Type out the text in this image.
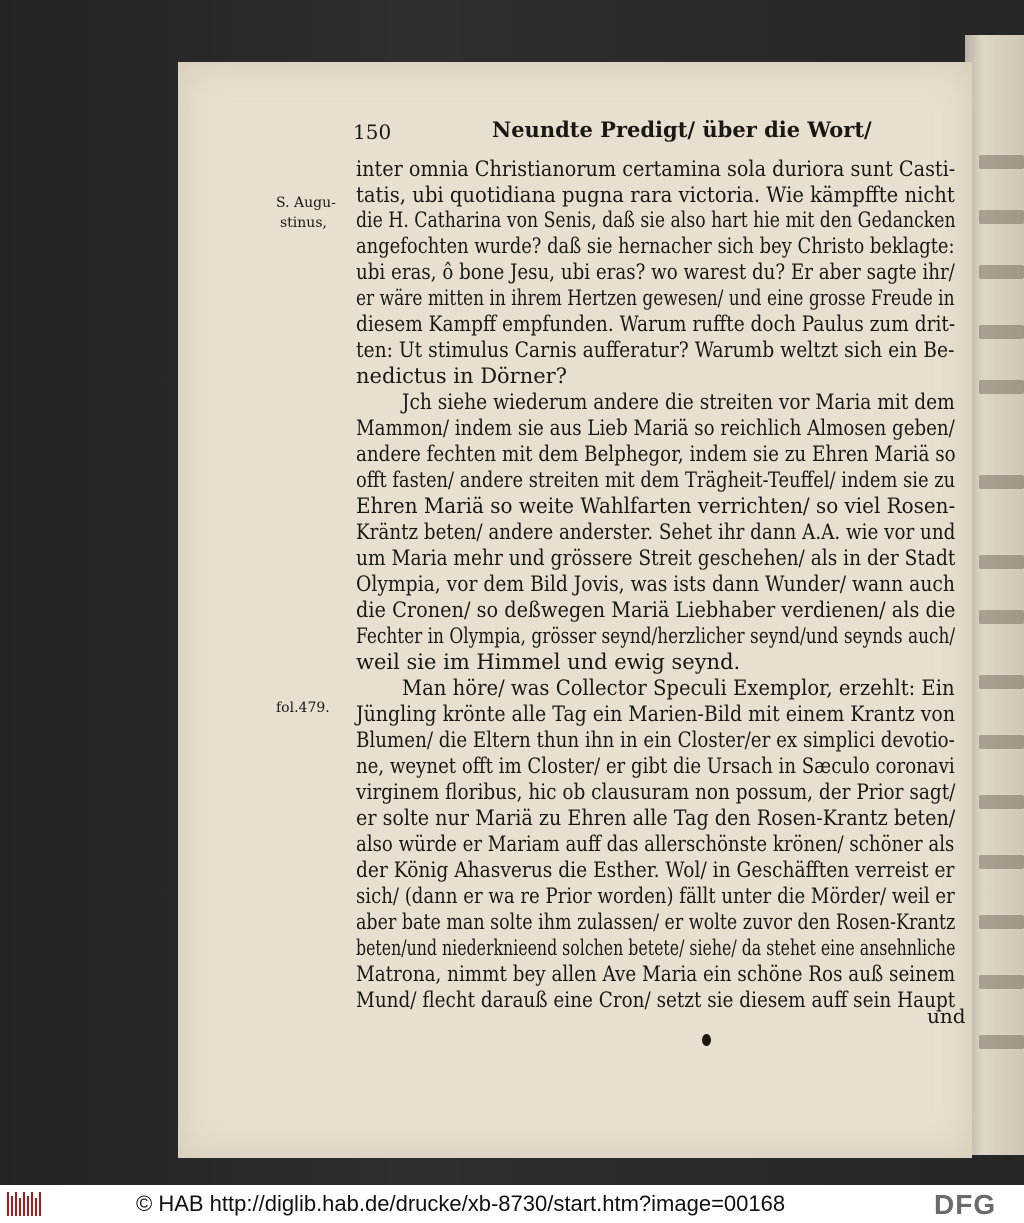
150	Neundte Predigt/ über die Wort/
S. Augu-
stinus,
fol.479.
inter omnia Christianorum certamina sola duriora sunt Casti-
tatis, ubi quotidiana pugna rara victoria. Wie kämpffte nicht
die H. Catharina von Senis, daß sie also hart hie mit den Gedancken
angefochten wurde? daß sie hernacher sich bey Christo beklagte:
ubi eras, ô bone Jesu, ubi eras? wo warest du? Er aber sagte ihr/
er wäre mitten in ihrem Hertzen gewesen/ und eine grosse Freude in
diesem Kampff empfunden. Warum ruffte doch Paulus zum drit-
ten: Ut stimulus Carnis aufferatur? Warumb weltzt sich ein Be-
nedictus in Dörner?
Jch siehe wiederum andere die streiten vor Maria mit dem
Mammon/ indem sie aus Lieb Mariä so reichlich Almosen geben/
andere fechten mit dem Belphegor, indem sie zu Ehren Mariä so
offt fasten/ andere streiten mit dem Trägheit-Teuffel/ indem sie zu
Ehren Mariä so weite Wahlfarten verrichten/ so viel Rosen-
Kräntz beten/ andere anderster. Sehet ihr dann A.A. wie vor und
um Maria mehr und grössere Streit geschehen/ als in der Stadt
Olympia, vor dem Bild Jovis, was ists dann Wunder/ wann auch
die Cronen/ so deßwegen Mariä Liebhaber verdienen/ als die
Fechter in Olympia, grösser seynd/herzlicher seynd/und seynds auch/
weil sie im Himmel und ewig seynd.
Man höre/ was Collector Speculi Exemplor, erzehlt: Ein
Jüngling krönte alle Tag ein Marien-Bild mit einem Krantz von
Blumen/ die Eltern thun ihn in ein Closter/er ex simplici devotio-
ne, weynet offt im Closter/ er gibt die Ursach in Sæculo coronavi
virginem floribus, hic ob clausuram non possum, der Prior sagt/
er solte nur Mariä zu Ehren alle Tag den Rosen-Krantz beten/
also würde er Mariam auff das allerschönste krönen/ schöner als
der König Ahasverus die Esther. Wol/ in Geschäfften verreist er
sich/ (dann er wa re Prior worden) fällt unter die Mörder/ weil er
aber bate man solte ihm zulassen/ er wolte zuvor den Rosen-Krantz
beten/und niederknieend solchen betete/ siehe/ da stehet eine ansehnliche
Matrona, nimmt bey allen Ave Maria ein schöne Ros auß seinem
Mund/ flecht darauß eine Cron/ setzt sie diesem auff sein Haupt
und
© HAB http://diglib.hab.de/drucke/xb-8730/start.htm?image=00168	DFG
